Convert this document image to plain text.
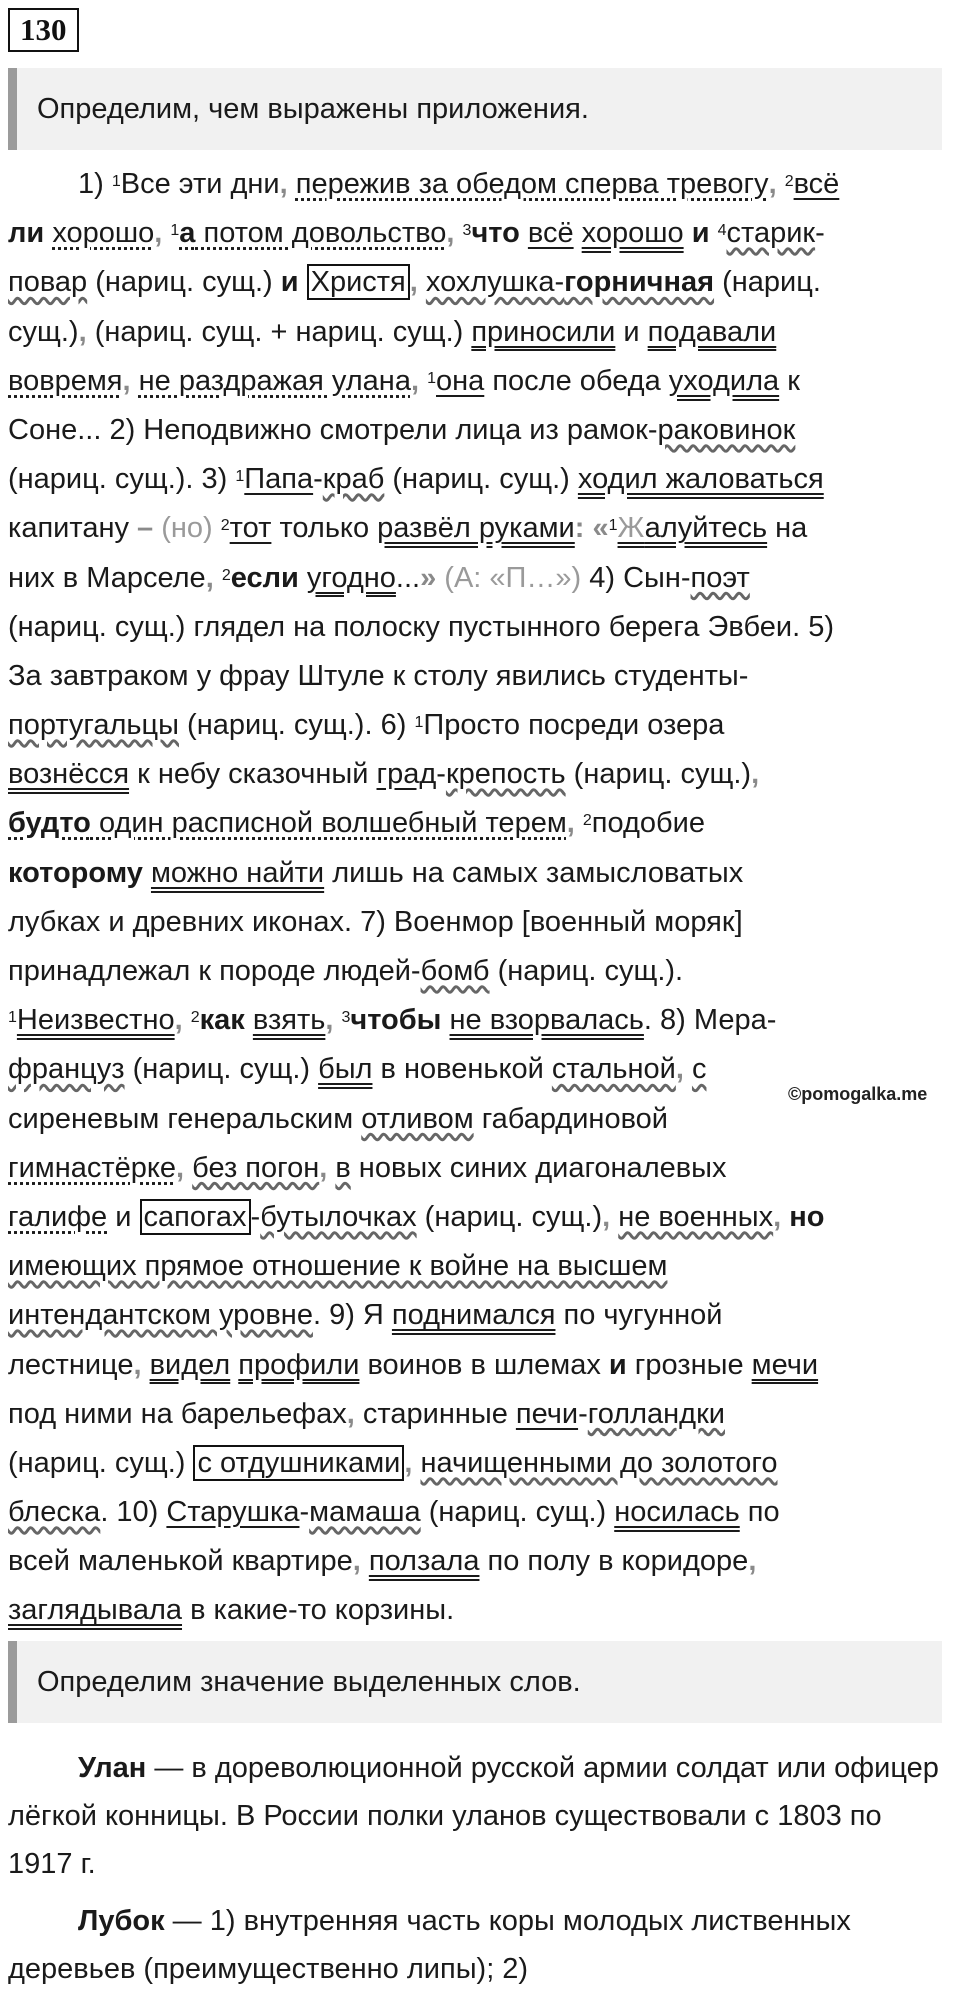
130
Определим, чем выражены приложения.
1) $^1$Все эти дни, пережив за обедом сперва тревогу, $^2$всё
ли хорошо, $^1$а потом довольство, $^3$что всё хорошо и $^4$старик-
повар (нариц. сущ.) и Христя , хохлушка-горничная (нариц.
сущ.), (нариц. сущ. + нариц. сущ.) приносили и подавали
вовремя, не раздражая улана, $^1$она после обеда уходила к
Соне... 2) Неподвижно смотрели лица из рамок-раковинок
(нариц. сущ.). 3) $^1$Папа-краб (нариц. сущ.) ходил жаловаться
капитану – (но) $^2$тот только развёл руками: «$^1$Жалуйтесь на
них в Марселе, $^2$если угодно...» (А: «П…») 4) Сын-поэт
(нариц. сущ.) глядел на полоску пустынного берега Эвбеи. 5)
За завтраком у фрау Штуле к столу явились студенты-
португальцы (нариц. сущ.). 6) $^1$Просто посреди озера
вознёсся к небу сказочный град-крепость (нариц. сущ.),
будто один расписной волшебный терем, $^2$подобие
которому можно найти лишь на самых замысловатых
лубках и древних иконах. 7) Военмор [военный моряк]
принадлежал к породе людей-бомб (нариц. сущ.).
$^1$Неизвестно, $^2$как взять, $^3$чтобы не взорвалась. 8) Мера-
француз (нариц. сущ.) был в новенькой стальной, с
сиреневым генеральским отливом габардиновой
гимнастёрке, без погон, в новых синих диагоналевых
галифе и сапогах -бутылочках (нариц. сущ.), не военных, но
имеющих прямое отношение к войне на высшем
интендантском уровне. 9) Я поднимался по чугунной
лестнице, видел профили воинов в шлемах и грозные мечи
под ними на барельефах, старинные печи-голландки
(нариц. сущ.) с отдушниками , начищенными до золотого
блеска. 10) Старушка-мамаша (нариц. сущ.) носилась по
всей маленькой квартире, ползала по полу в коридоре,
заглядывала в какие-то корзины.
©pomogalka.me
Определим значение выделенных слов.
Улан — в дореволюционной русской армии солдат или офицер лёгкой конницы. В России полки уланов существовали с 1803 по 1917 г.
Лубок — 1) внутренняя часть коры молодых лиственных деревьев (преимущественно липы); 2)
